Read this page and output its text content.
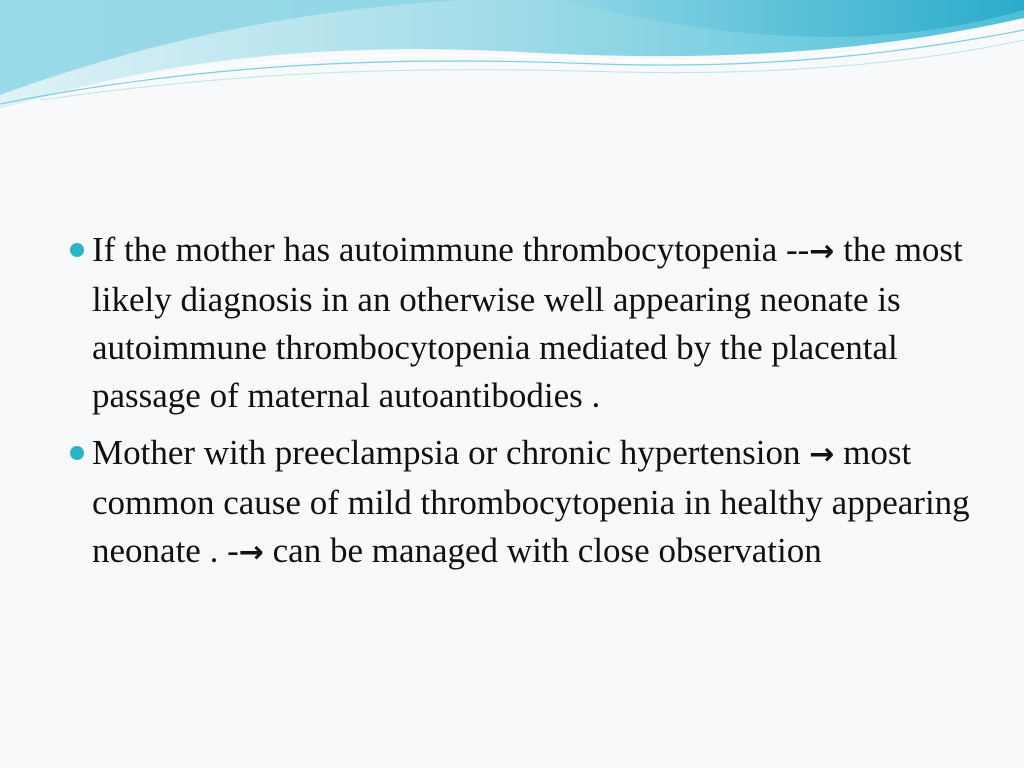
If the mother has autoimmune thrombocytopenia --→ the most likely diagnosis in an otherwise well appearing neonate is autoimmune thrombocytopenia mediated by the placental passage of maternal autoantibodies .
Mother with preeclampsia or chronic hypertension → most common cause of mild thrombocytopenia in healthy appearing neonate . -→ can be managed with close observation
